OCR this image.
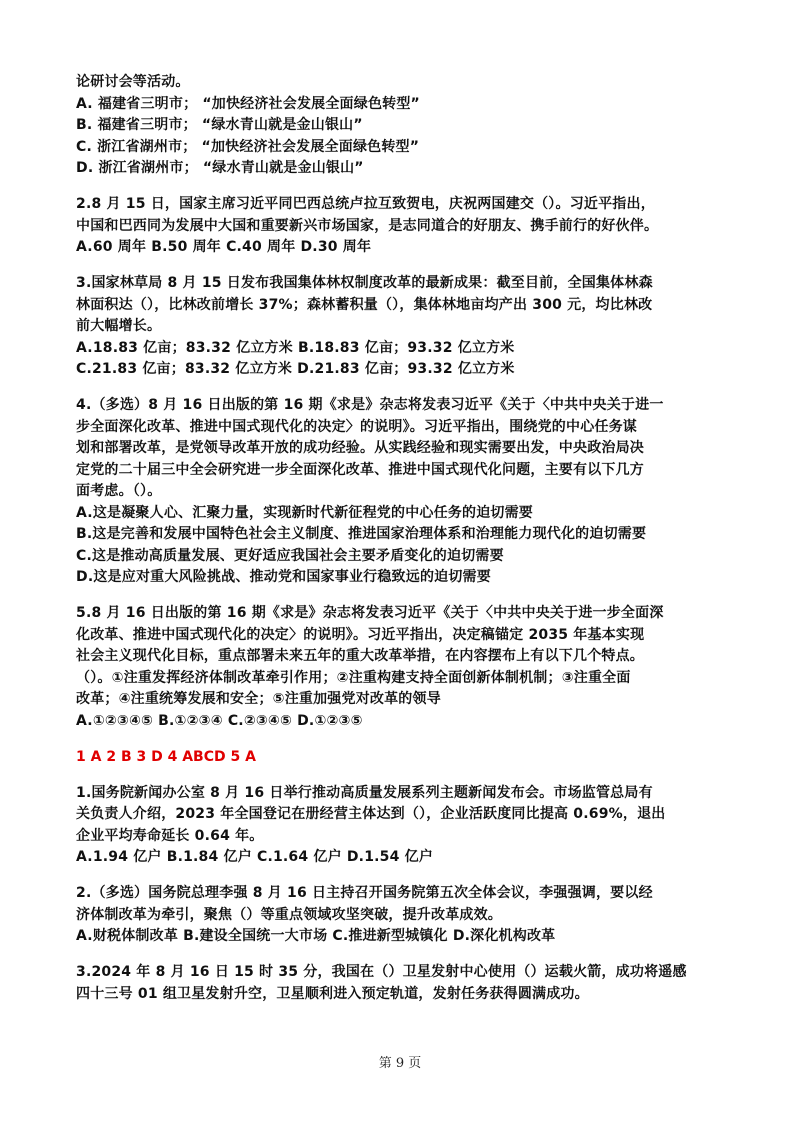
论研讨会等活动。
A. 福建省三明市； “加快经济社会发展全面绿色转型”
B. 福建省三明市； “绿水青山就是金山银山”
C. 浙江省湖州市； “加快经济社会发展全面绿色转型”
D. 浙江省湖州市； “绿水青山就是金山银山”
2.8 月 15 日，国家主席习近平同巴西总统卢拉互致贺电，庆祝两国建交（）。习近平指出，
中国和巴西同为发展中大国和重要新兴市场国家，是志同道合的好朋友、携手前行的好伙伴。
A.60 周年 B.50 周年 C.40 周年 D.30 周年
3.国家林草局 8 月 15 日发布我国集体林权制度改革的最新成果：截至目前，全国集体林森
林面积达（），比林改前增长 37%；森林蓄积量（），集体林地亩均产出 300 元，均比林改
前大幅增长。
A.18.83 亿亩；83.32 亿立方米 B.18.83 亿亩；93.32 亿立方米
C.21.83 亿亩；83.32 亿立方米 D.21.83 亿亩；93.32 亿立方米
4.（多选）8 月 16 日出版的第 16 期《求是》杂志将发表习近平《关于〈中共中央关于进一
步全面深化改革、推进中国式现代化的决定〉的说明》。习近平指出，围绕党的中心任务谋
划和部署改革，是党领导改革开放的成功经验。从实践经验和现实需要出发，中央政治局决
定党的二十届三中全会研究进一步全面深化改革、推进中国式现代化问题，主要有以下几方
面考虑。（）。
A.这是凝聚人心、汇聚力量，实现新时代新征程党的中心任务的迫切需要
B.这是完善和发展中国特色社会主义制度、推进国家治理体系和治理能力现代化的迫切需要
C.这是推动高质量发展、更好适应我国社会主要矛盾变化的迫切需要
D.这是应对重大风险挑战、推动党和国家事业行稳致远的迫切需要
5.8 月 16 日出版的第 16 期《求是》杂志将发表习近平《关于〈中共中央关于进一步全面深
化改革、推进中国式现代化的决定〉的说明》。习近平指出，决定稿锚定 2035 年基本实现
社会主义现代化目标，重点部署未来五年的重大改革举措，在内容摆布上有以下几个特点。
（）。①注重发挥经济体制改革牵引作用；②注重构建支持全面创新体制机制；③注重全面
改革；④注重统筹发展和安全；⑤注重加强党对改革的领导
A.①②③④⑤ B.①②③④ C.②③④⑤ D.①②③⑤
1 A 2 B 3 D 4 ABCD 5 A
1.国务院新闻办公室 8 月 16 日举行推动高质量发展系列主题新闻发布会。市场监管总局有
关负责人介绍，2023 年全国登记在册经营主体达到（），企业活跃度同比提高 0.69%，退出
企业平均寿命延长 0.64 年。
A.1.94 亿户 B.1.84 亿户 C.1.64 亿户 D.1.54 亿户
2.（多选）国务院总理李强 8 月 16 日主持召开国务院第五次全体会议，李强强调，要以经
济体制改革为牵引，聚焦（）等重点领域攻坚突破，提升改革成效。
A.财税体制改革 B.建设全国统一大市场 C.推进新型城镇化 D.深化机构改革
3.2024 年 8 月 16 日 15 时 35 分，我国在（）卫星发射中心使用（）运载火箭，成功将遥感
四十三号 01 组卫星发射升空，卫星顺利进入预定轨道，发射任务获得圆满成功。
第 9 页
